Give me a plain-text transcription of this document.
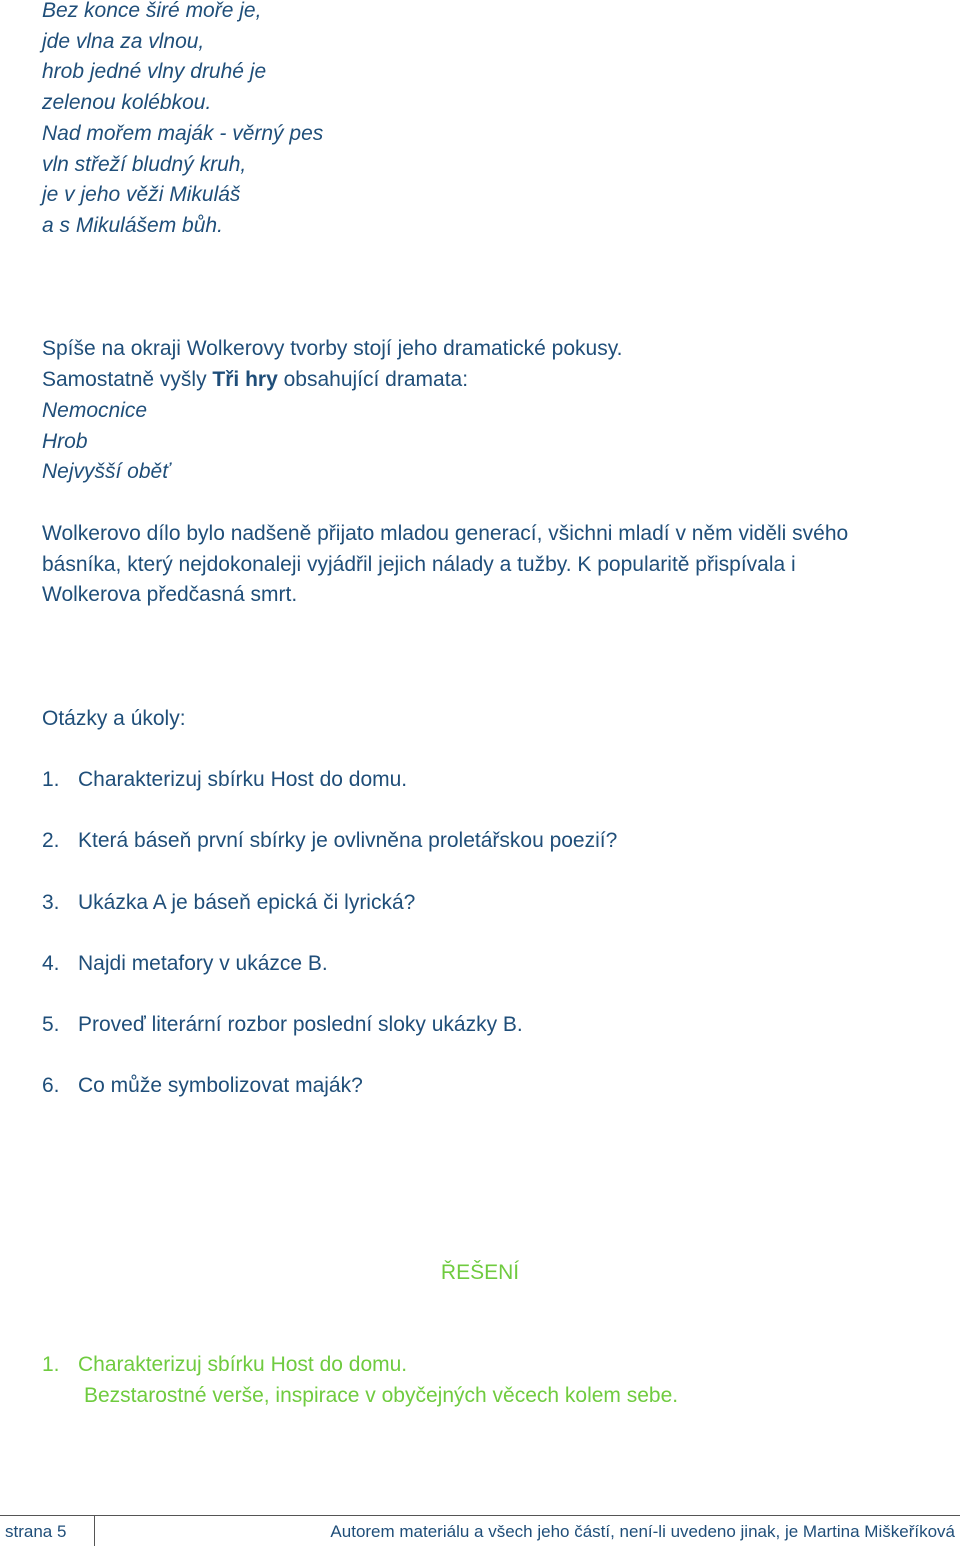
Bez konce širé moře je,
jde vlna za vlnou,
hrob jedné vlny druhé je
zelenou kolébkou.
Nad mořem maják - věrný pes
vln střeží bludný kruh,
je v jeho věži Mikuláš
a s Mikulášem bůh.
Spíše na okraji Wolkerovy tvorby stojí jeho dramatické pokusy.
Samostatně vyšly Tři hry obsahující dramata:
Nemocnice
Hrob
Nejvyšší oběť
Wolkerovo dílo bylo nadšeně přijato mladou generací, všichni mladí v něm viděli svého
básníka, který nejdokonaleji vyjádřil jejich nálady a tužby. K popularitě přispívala i
Wolkerova předčasná smrt.
Otázky a úkoly:
1. Charakterizuj sbírku Host do domu.
2. Která báseň první sbírky je ovlivněna proletářskou poezií?
3. Ukázka A je báseň epická či lyrická?
4. Najdi metafory v ukázce B.
5. Proveď literární rozbor poslední sloky ukázky B.
6. Co může symbolizovat maják?
ŘEŠENÍ
1. Charakterizuj sbírku Host do domu.
Bezstarostné verše, inspirace v obyčejných věcech kolem sebe.
strana 5	Autorem materiálu a všech jeho částí, není-li uvedeno jinak, je Martina Miškeříková
